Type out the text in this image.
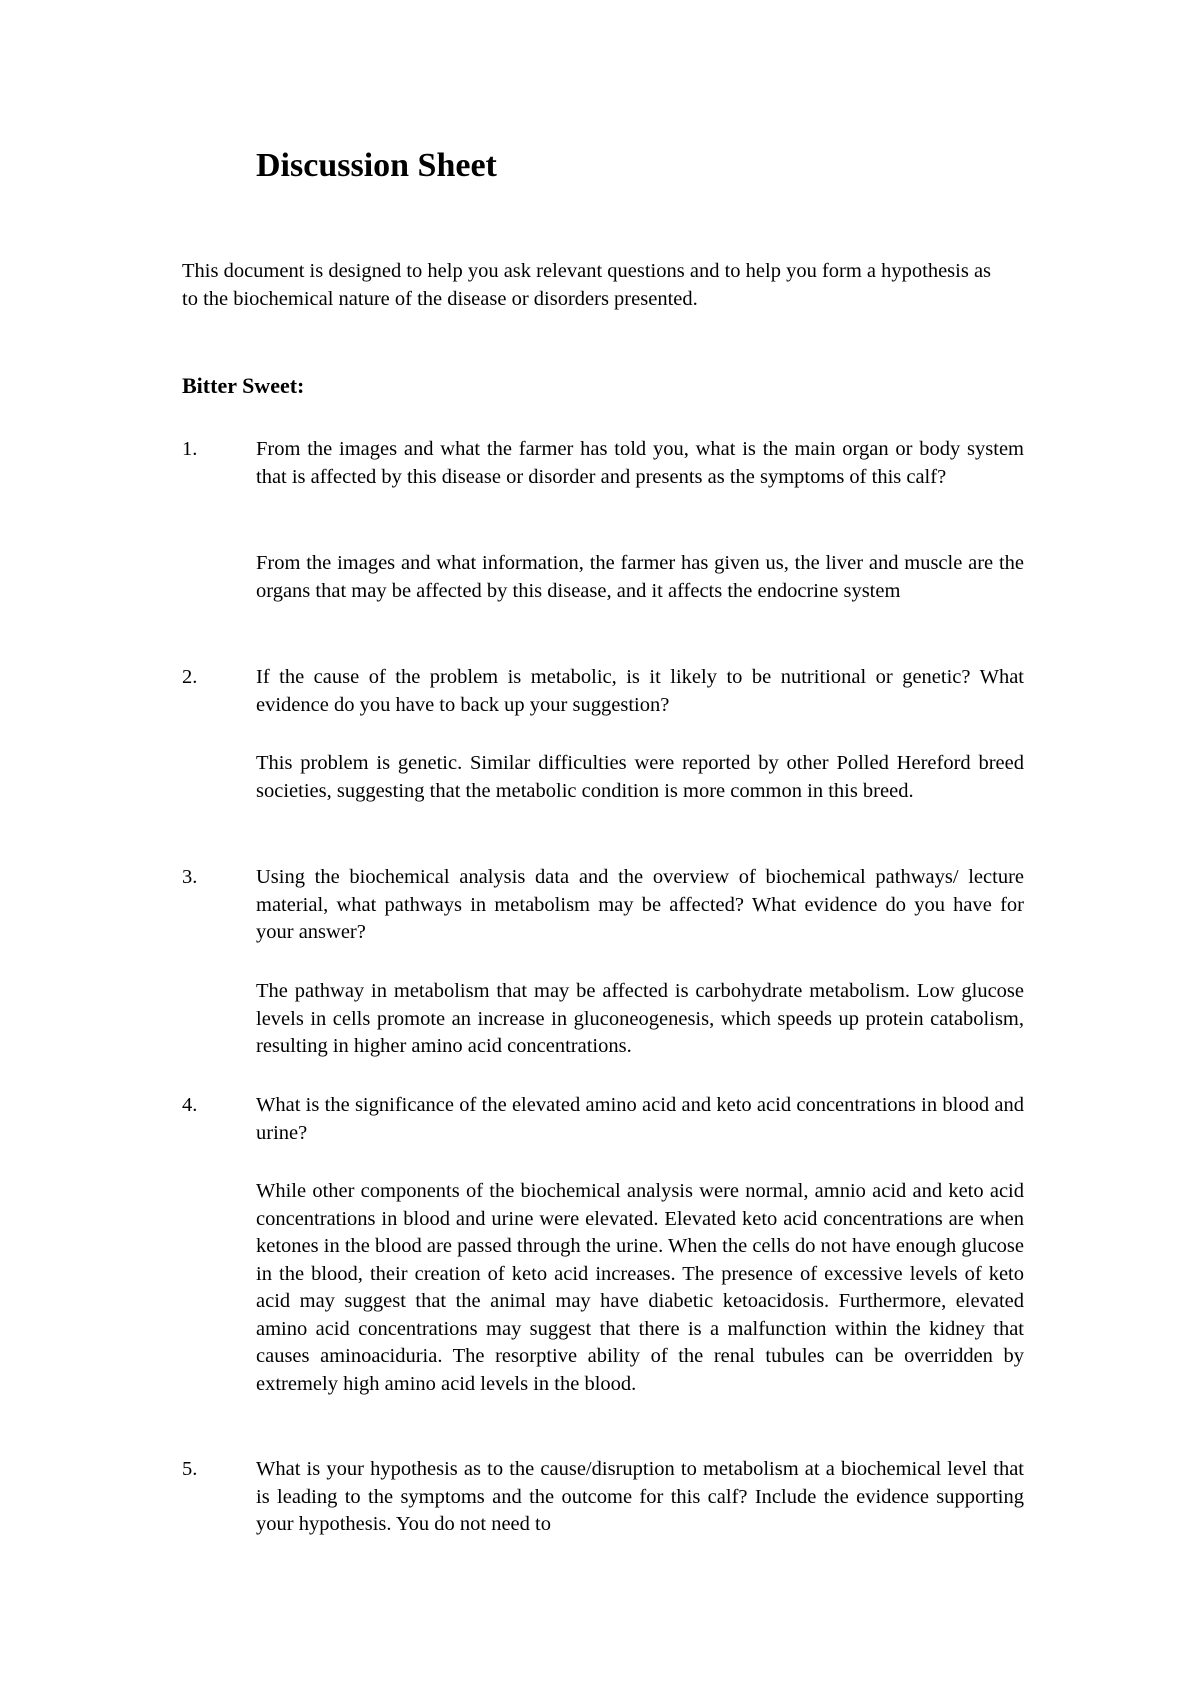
Discussion Sheet
This document is designed to help you ask relevant questions and to help you form a hypothesis as to the biochemical nature of the disease or disorders presented.
Bitter Sweet:
1.	From the images and what the farmer has told you, what is the main organ or body system that is affected by this disease or disorder and presents as the symptoms of this calf?
From the images and what information, the farmer has given us, the liver and muscle are the organs that may be affected by this disease, and it affects the endocrine system
2.	If the cause of the problem is metabolic, is it likely to be nutritional or genetic? What evidence do you have to back up your suggestion?
This problem is genetic. Similar difficulties were reported by other Polled Hereford breed societies, suggesting that the metabolic condition is more common in this breed.
3.	Using the biochemical analysis data and the overview of biochemical pathways/ lecture material, what pathways in metabolism may be affected? What evidence do you have for your answer?
The pathway in metabolism that may be affected is carbohydrate metabolism. Low glucose levels in cells promote an increase in gluconeogenesis, which speeds up protein catabolism, resulting in higher amino acid concentrations.
4.	What is the significance of the elevated amino acid and keto acid concentrations in blood and urine?
While other components of the biochemical analysis were normal, amnio acid and keto acid concentrations in blood and urine were elevated. Elevated keto acid concentrations are when ketones in the blood are passed through the urine. When the cells do not have enough glucose in the blood, their creation of keto acid increases. The presence of excessive levels of keto acid may suggest that the animal may have diabetic ketoacidosis. Furthermore, elevated amino acid concentrations may suggest that there is a malfunction within the kidney that causes aminoaciduria. The resorptive ability of the renal tubules can be overridden by extremely high amino acid levels in the blood.
5.	What is your hypothesis as to the cause/disruption to metabolism at a biochemical level that is leading to the symptoms and the outcome for this calf? Include the evidence supporting your hypothesis. You do not need to
